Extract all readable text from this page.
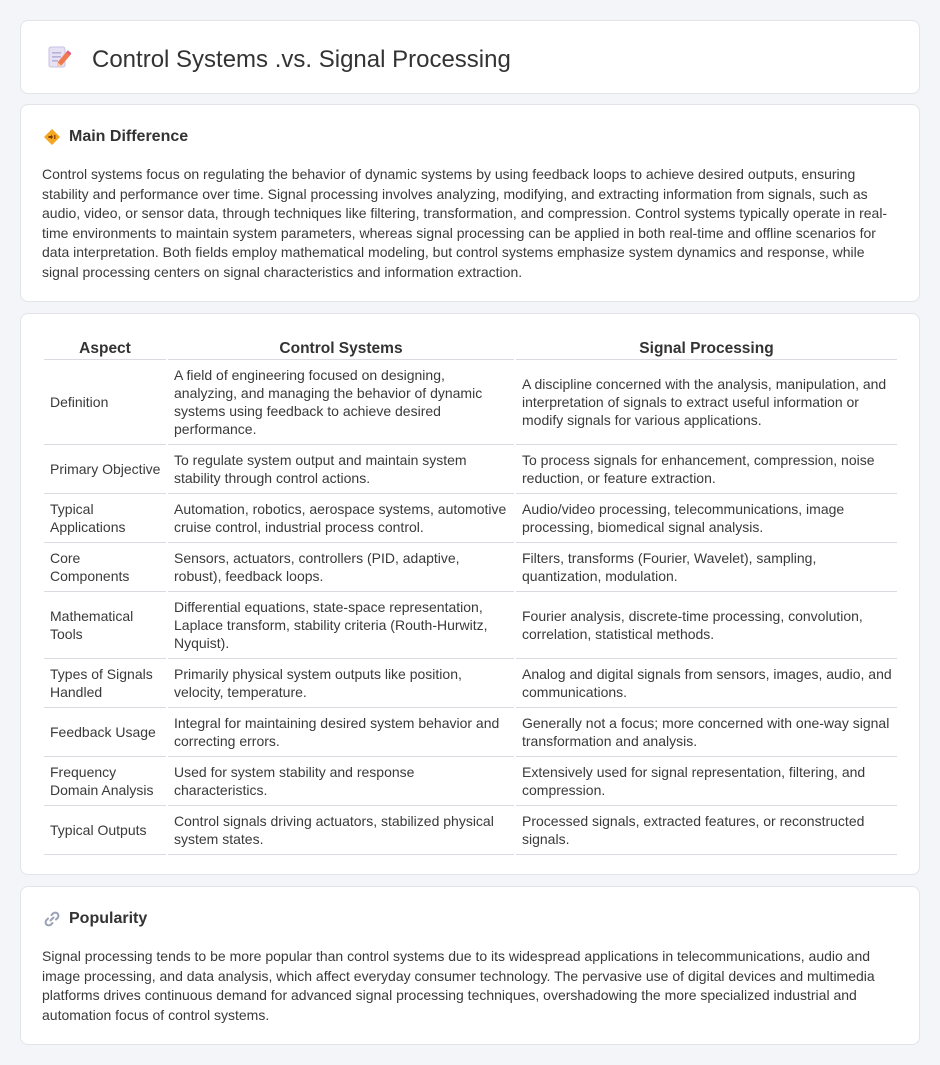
Control Systems .vs. Signal Processing
Main Difference

Control systems focus on regulating the behavior of dynamic systems by using feedback loops to achieve desired outputs, ensuring stability and performance over time. Signal processing involves analyzing, modifying, and extracting information from signals, such as audio, video, or sensor data, through techniques like filtering, transformation, and compression. Control systems typically operate in real-time environments to maintain system parameters, whereas signal processing can be applied in both real-time and offline scenarios for data interpretation. Both fields employ mathematical modeling, but control systems emphasize system dynamics and response, while signal processing centers on signal characteristics and information extraction.

Aspect	Control Systems	Signal Processing
Definition	A field of engineering focused on designing, analyzing, and managing the behavior of dynamic systems using feedback to achieve desired performance.	A discipline concerned with the analysis, manipulation, and interpretation of signals to extract useful information or modify signals for various applications.
Primary Objective	To regulate system output and maintain system stability through control actions.	To process signals for enhancement, compression, noise reduction, or feature extraction.
Typical Applications	Automation, robotics, aerospace systems, automotive cruise control, industrial process control.	Audio/video processing, telecommunications, image processing, biomedical signal analysis.
Core Components	Sensors, actuators, controllers (PID, adaptive, robust), feedback loops.	Filters, transforms (Fourier, Wavelet), sampling, quantization, modulation.
Mathematical Tools	Differential equations, state-space representation, Laplace transform, stability criteria (Routh-Hurwitz, Nyquist).	Fourier analysis, discrete-time processing, convolution, correlation, statistical methods.
Types of Signals Handled	Primarily physical system outputs like position, velocity, temperature.	Analog and digital signals from sensors, images, audio, and communications.
Feedback Usage	Integral for maintaining desired system behavior and correcting errors.	Generally not a focus; more concerned with one-way signal transformation and analysis.
Frequency Domain Analysis	Used for system stability and response characteristics.	Extensively used for signal representation, filtering, and compression.
Typical Outputs	Control signals driving actuators, stabilized physical system states.	Processed signals, extracted features, or reconstructed signals.
Popularity

Signal processing tends to be more popular than control systems due to its widespread applications in telecommunications, audio and image processing, and data analysis, which affect everyday consumer technology. The pervasive use of digital devices and multimedia platforms drives continuous demand for advanced signal processing techniques, overshadowing the more specialized industrial and automation focus of control systems.
